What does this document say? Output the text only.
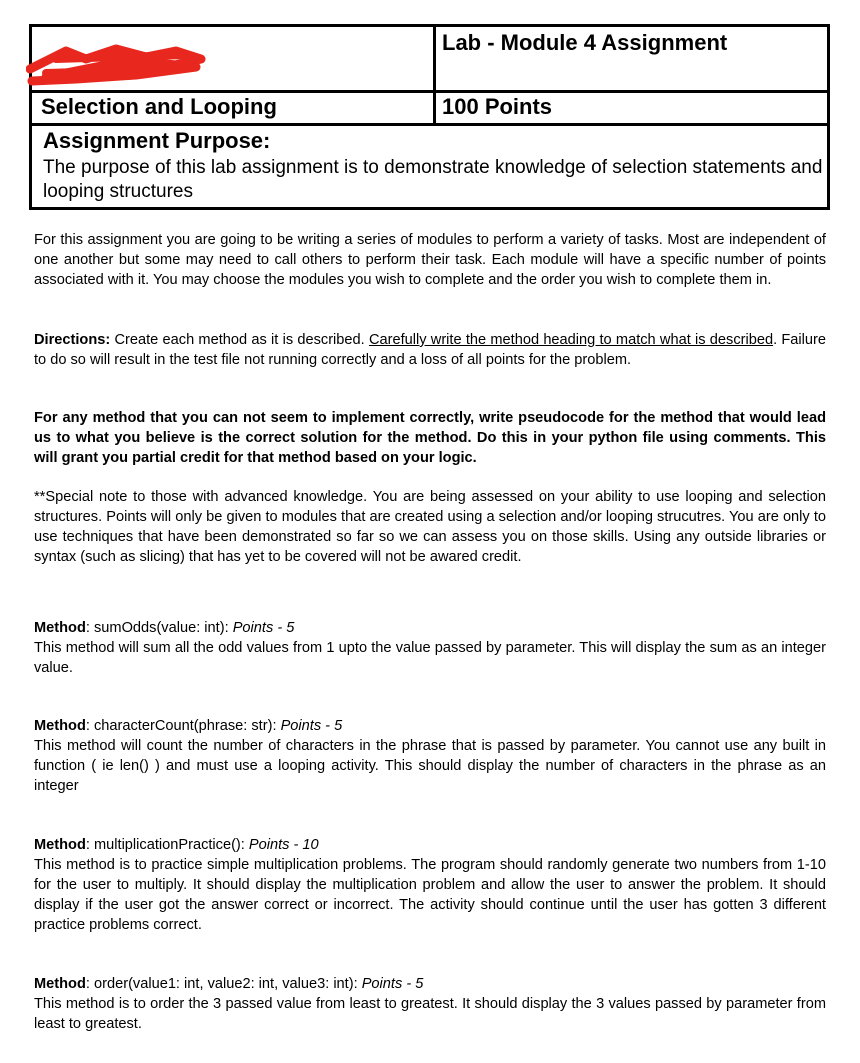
Lab - Module 4 Assignment
Selection and Looping	100 Points
Assignment Purpose:
The purpose of this lab assignment is to demonstrate knowledge of selection statements and looping structures

For this assignment you are going to be writing a series of modules to perform a variety of tasks. Most are independent of one another but some may need to call others to perform their task. Each module will have a specific number of points associated with it. You may choose the modules you wish to complete and the order you wish to complete them in.

Directions: Create each method as it is described. Carefully write the method heading to match what is described. Failure to do so will result in the test file not running correctly and a loss of all points for the problem.

For any method that you can not seem to implement correctly, write pseudocode for the method that would lead us to what you believe is the correct solution for the method. Do this in your python file using comments. This will grant you partial credit for that method based on your logic.

**Special note to those with advanced knowledge. You are being assessed on your ability to use looping and selection structures. Points will only be given to modules that are created using a selection and/or looping strucutres. You are only to use techniques that have been demonstrated so far so we can assess you on those skills. Using any outside libraries or syntax (such as slicing) that has yet to be covered will not be awared credit.

Method: sumOdds(value: int): Points - 5

This method will sum all the odd values from 1 upto the value passed by parameter. This will display the sum as an integer value.

Method: characterCount(phrase: str): Points - 5

This method will count the number of characters in the phrase that is passed by parameter. You cannot use any built in function ( ie len() ) and must use a looping activity. This should display the number of characters in the phrase as an integer

Method: multiplicationPractice(): Points - 10

This method is to practice simple multiplication problems. The program should randomly generate two numbers from 1-10 for the user to multiply. It should display the multiplication problem and allow the user to answer the problem. It should display if the user got the answer correct or incorrect. The activity should continue until the user has gotten 3 different practice problems correct.

Method: order(value1: int, value2: int, value3: int): Points - 5

This method is to order the 3 passed value from least to greatest. It should display the 3 values passed by parameter from least to greatest.
